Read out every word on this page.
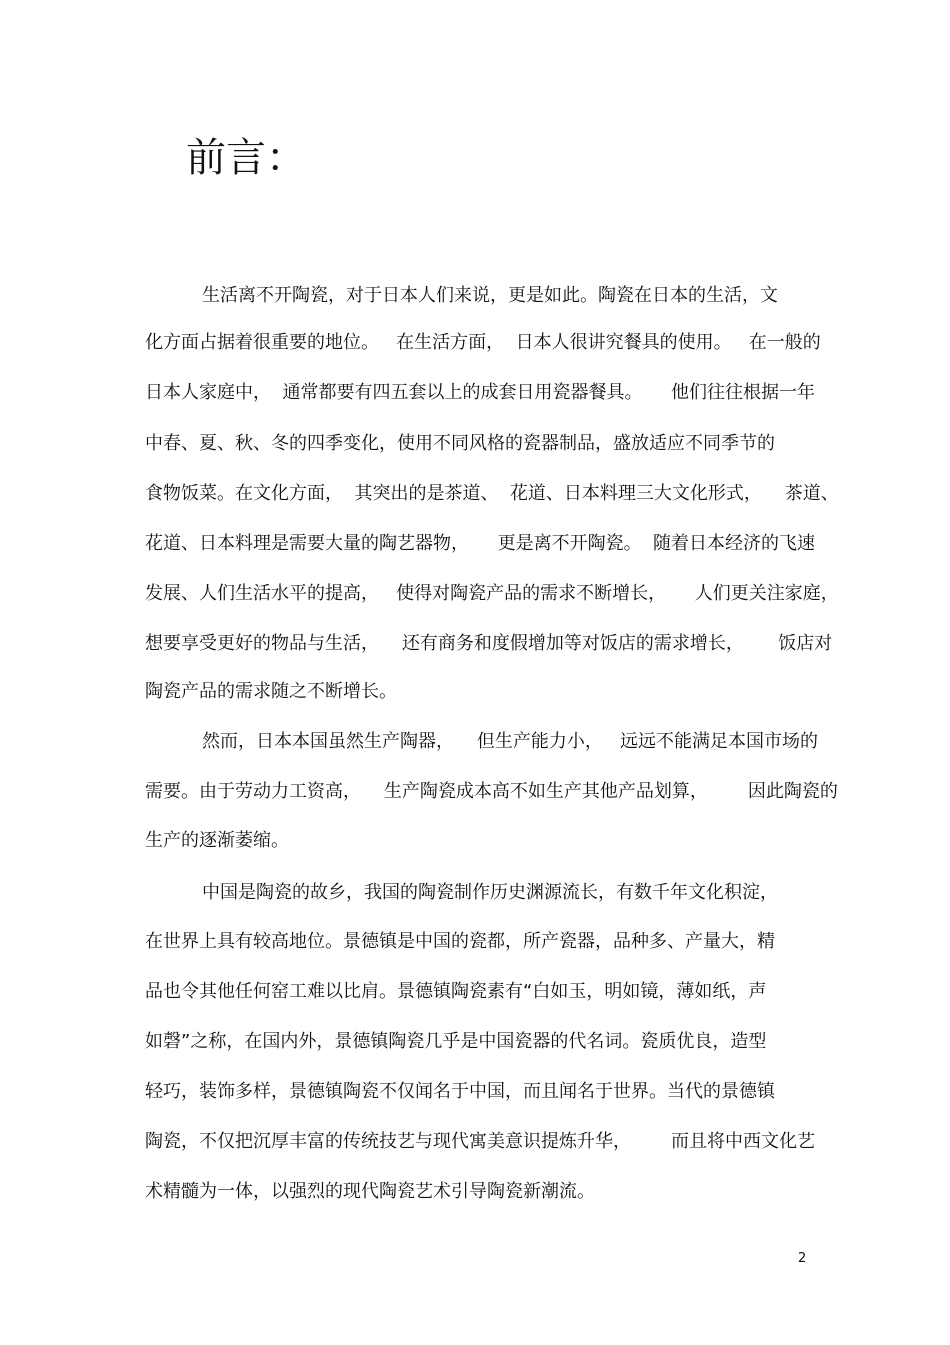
前言：

生活离不开陶瓷，对于日本人们来说，更是如此。陶瓷在日本的生活，文

化方面占据着很重要的地位。   在生活方面，  日本人很讲究餐具的使用。   在一般的

日本人家庭中，  通常都要有四五套以上的成套日用瓷器餐具。     他们往往根据一年

中春、夏、秋、冬的四季变化，使用不同风格的瓷器制品，盛放适应不同季节的

食物饭菜。在文化方面，  其突出的是茶道、  花道、日本料理三大文化形式，    茶道、

花道、日本料理是需要大量的陶艺器物，     更是离不开陶瓷。  随着日本经济的飞速

发展、人们生活水平的提高，   使得对陶瓷产品的需求不断增长，     人们更关注家庭，

想要享受更好的物品与生活，    还有商务和度假增加等对饭店的需求增长，      饭店对

陶瓷产品的需求随之不断增长。

然而，日本本国虽然生产陶器，    但生产能力小，   远远不能满足本国市场的

需要。由于劳动力工资高，    生产陶瓷成本高不如生产其他产品划算，       因此陶瓷的

生产的逐渐萎缩。

中国是陶瓷的故乡，我国的陶瓷制作历史渊源流长，有数千年文化积淀，

在世界上具有较高地位。景德镇是中国的瓷都，所产瓷器，品种多、产量大，精

品也令其他任何窑工难以比肩。景德镇陶瓷素有“白如玉，明如镜，薄如纸，声

如磬”之称，在国内外，景德镇陶瓷几乎是中国瓷器的代名词。瓷质优良，造型

轻巧，装饰多样，景德镇陶瓷不仅闻名于中国，而且闻名于世界。当代的景德镇

陶瓷，不仅把沉厚丰富的传统技艺与现代寓美意识提炼升华，       而且将中西文化艺

术精髓为一体，以强烈的现代陶瓷艺术引导陶瓷新潮流。

2
